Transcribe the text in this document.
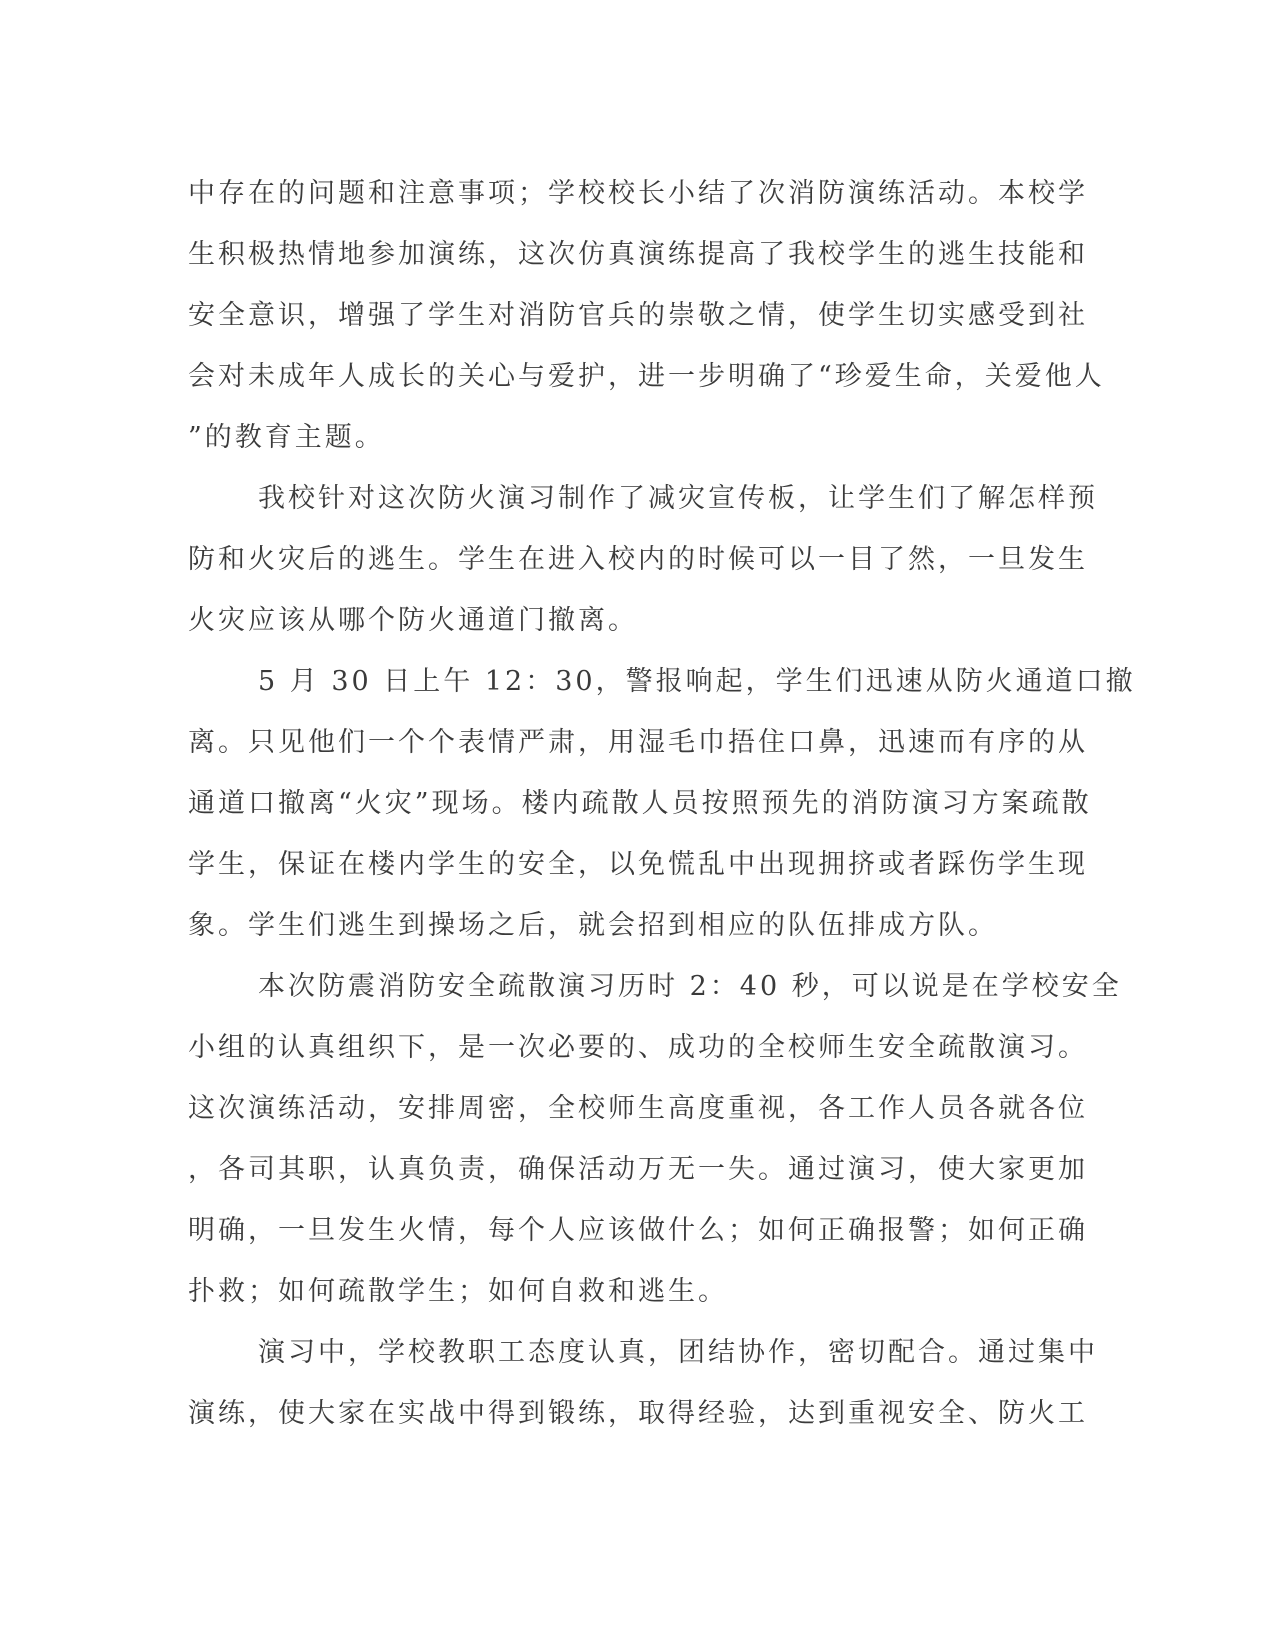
中存在的问题和注意事项；学校校长小结了次消防演练活动。本校学
生积极热情地参加演练，这次仿真演练提高了我校学生的逃生技能和
安全意识，增强了学生对消防官兵的崇敬之情，使学生切实感受到社
会对未成年人成长的关心与爱护，进一步明确了“珍爱生命，关爱他人
”的教育主题。
我校针对这次防火演习制作了减灾宣传板，让学生们了解怎样预
防和火灾后的逃生。学生在进入校内的时候可以一目了然，一旦发生
火灾应该从哪个防火通道门撤离。
5 月 30 日上午 12：30，警报响起，学生们迅速从防火通道口撤
离。只见他们一个个表情严肃，用湿毛巾捂住口鼻，迅速而有序的从
通道口撤离“火灾”现场。楼内疏散人员按照预先的消防演习方案疏散
学生，保证在楼内学生的安全，以免慌乱中出现拥挤或者踩伤学生现
象。学生们逃生到操场之后，就会招到相应的队伍排成方队。
本次防震消防安全疏散演习历时 2：40 秒，可以说是在学校安全
小组的认真组织下，是一次必要的、成功的全校师生安全疏散演习。
这次演练活动，安排周密，全校师生高度重视，各工作人员各就各位
，各司其职，认真负责，确保活动万无一失。通过演习，使大家更加
明确，一旦发生火情，每个人应该做什么；如何正确报警；如何正确
扑救；如何疏散学生；如何自救和逃生。
演习中，学校教职工态度认真，团结协作，密切配合。通过集中
演练，使大家在实战中得到锻练，取得经验，达到重视安全、防火工
